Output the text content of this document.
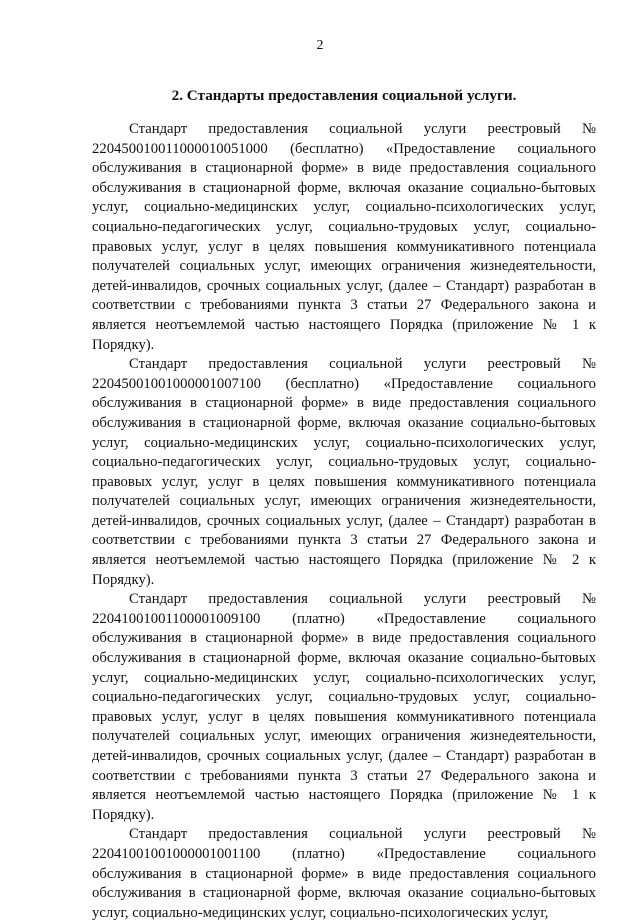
2
2. Стандарты предоставления социальной услуги.

Стандарт предоставления социальной услуги реестровый № 220450010011000010051000 (бесплатно) «Предоставление социального обслуживания в стационарной форме» в виде предоставления социального обслуживания в стационарной форме, включая оказание социально-бытовых услуг, социально-медицинских услуг, социально-психологических услуг, социально-педагогических услуг, социально-трудовых услуг, социально-правовых услуг, услуг в целях повышения коммуникативного потенциала получателей социальных услуг, имеющих ограничения жизнедеятельности, детей-инвалидов, срочных социальных услуг, (далее – Стандарт) разработан в соответствии с требованиями пункта 3 статьи 27 Федерального закона и является неотъемлемой частью настоящего Порядка (приложение № 1 к Порядку).

Стандарт предоставления социальной услуги реестровый № 22045001001000001007100 (бесплатно) «Предоставление социального обслуживания в стационарной форме» в виде предоставления социального обслуживания в стационарной форме, включая оказание социально-бытовых услуг, социально-медицинских услуг, социально-психологических услуг, социально-педагогических услуг, социально-трудовых услуг, социально-правовых услуг, услуг в целях повышения коммуникативного потенциала получателей социальных услуг, имеющих ограничения жизнедеятельности, детей-инвалидов, срочных социальных услуг, (далее – Стандарт) разработан в соответствии с требованиями пункта 3 статьи 27 Федерального закона и является неотъемлемой частью настоящего Порядка (приложение № 2 к Порядку).

Стандарт предоставления социальной услуги реестровый № 22041001001100001009100 (платно) «Предоставление социального обслуживания в стационарной форме» в виде предоставления социального обслуживания в стационарной форме, включая оказание социально-бытовых услуг, социально-медицинских услуг, социально-психологических услуг, социально-педагогических услуг, социально-трудовых услуг, социально-правовых услуг, услуг в целях повышения коммуникативного потенциала получателей социальных услуг, имеющих ограничения жизнедеятельности, детей-инвалидов, срочных социальных услуг, (далее – Стандарт) разработан в соответствии с требованиями пункта 3 статьи 27 Федерального закона и является неотъемлемой частью настоящего Порядка (приложение № 1 к Порядку).

Стандарт предоставления социальной услуги реестровый № 22041001001000001001100 (платно) «Предоставление социального обслуживания в стационарной форме» в виде предоставления социального обслуживания в стационарной форме, включая оказание социально-бытовых услуг, социально-медицинских услуг, социально-психологических услуг,
